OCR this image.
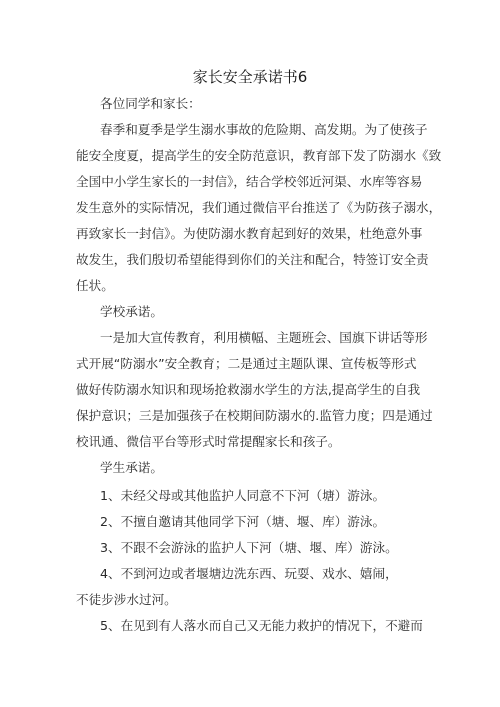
家长安全承诺书6
各位同学和家长：
春季和夏季是学生溺水事故的危险期、高发期。为了使孩子
能安全度夏，提高学生的安全防范意识，教育部下发了防溺水《致
全国中小学生家长的一封信》，结合学校邻近河渠、水库等容易
发生意外的实际情况，我们通过微信平台推送了《为防孩子溺水，
再致家长一封信》。为使防溺水教育起到好的效果，杜绝意外事
故发生，我们殷切希望能得到你们的关注和配合，特签订安全责
任状。
学校承诺。
一是加大宣传教育，利用横幅、主题班会、国旗下讲话等形
式开展“防溺水”安全教育；二是通过主题队课、宣传板等形式
做好传防溺水知识和现场抢救溺水学生的方法,提高学生的自我
保护意识；三是加强孩子在校期间防溺水的.监管力度；四是通过
校讯通、微信平台等形式时常提醒家长和孩子。
学生承诺。
1、未经父母或其他监护人同意不下河（塘）游泳。
2、不擅自邀请其他同学下河（塘、堰、库）游泳。
3、不跟不会游泳的监护人下河（塘、堰、库）游泳。
4、不到河边或者堰塘边洗东西、玩耍、戏水、嬉闹，
不徒步涉水过河。
5、在见到有人落水而自己又无能力救护的情况下，不避而
